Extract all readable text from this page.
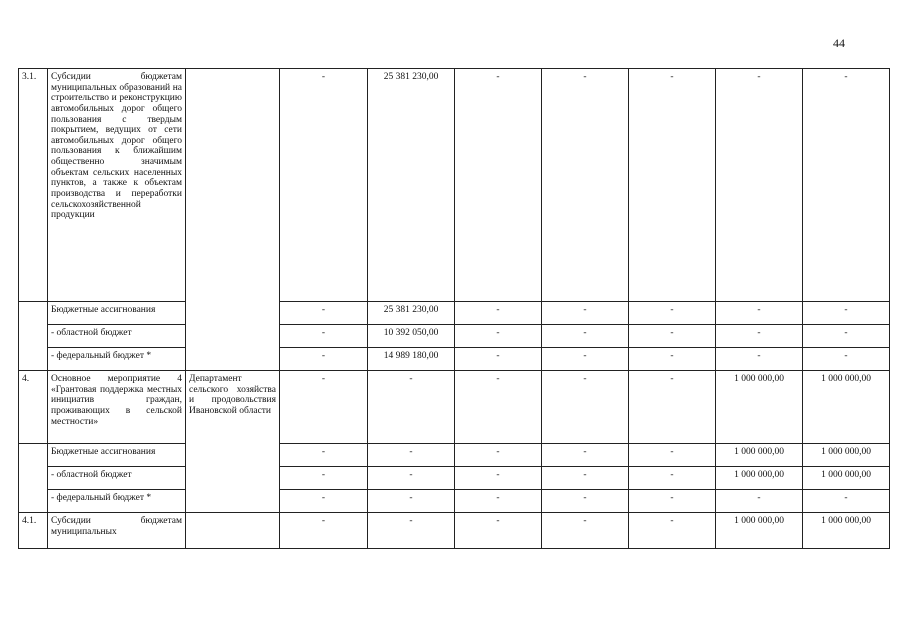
44
3.1.	Субсидии бюджетам муниципальных образований на строительство и реконструкцию автомобильных дорог общего пользования с твердым покрытием, ведущих от сети автомобильных дорог общего пользования к ближайшим общественно значимым объектам сельских населенных пунктов, а также к объектам производства и переработки сельскохозяйственной продукции		-	25 381 230,00	-	-	-	-	-
	Бюджетные ассигнования		-	25 381 230,00	-	-	-	-	-
	- областной бюджет		-	10 392 050,00	-	-	-	-	-
	- федеральный бюджет *		-	14 989 180,00	-	-	-	-	-
4.	Основное мероприятие 4 «Грантовая поддержка местных инициатив граждан, проживающих в сельской местности»	Департамент сельского хозяйства и продовольствия Ивановской области	-	-	-	-	-	1 000 000,00	1 000 000,00
	Бюджетные ассигнования		-	-	-	-	-	1 000 000,00	1 000 000,00
	- областной бюджет		-	-	-	-	-	1 000 000,00	1 000 000,00
	- федеральный бюджет *		-	-	-	-	-	-	-
4.1.	Субсидии бюджетам муниципальных		-	-	-	-	-	1 000 000,00	1 000 000,00
